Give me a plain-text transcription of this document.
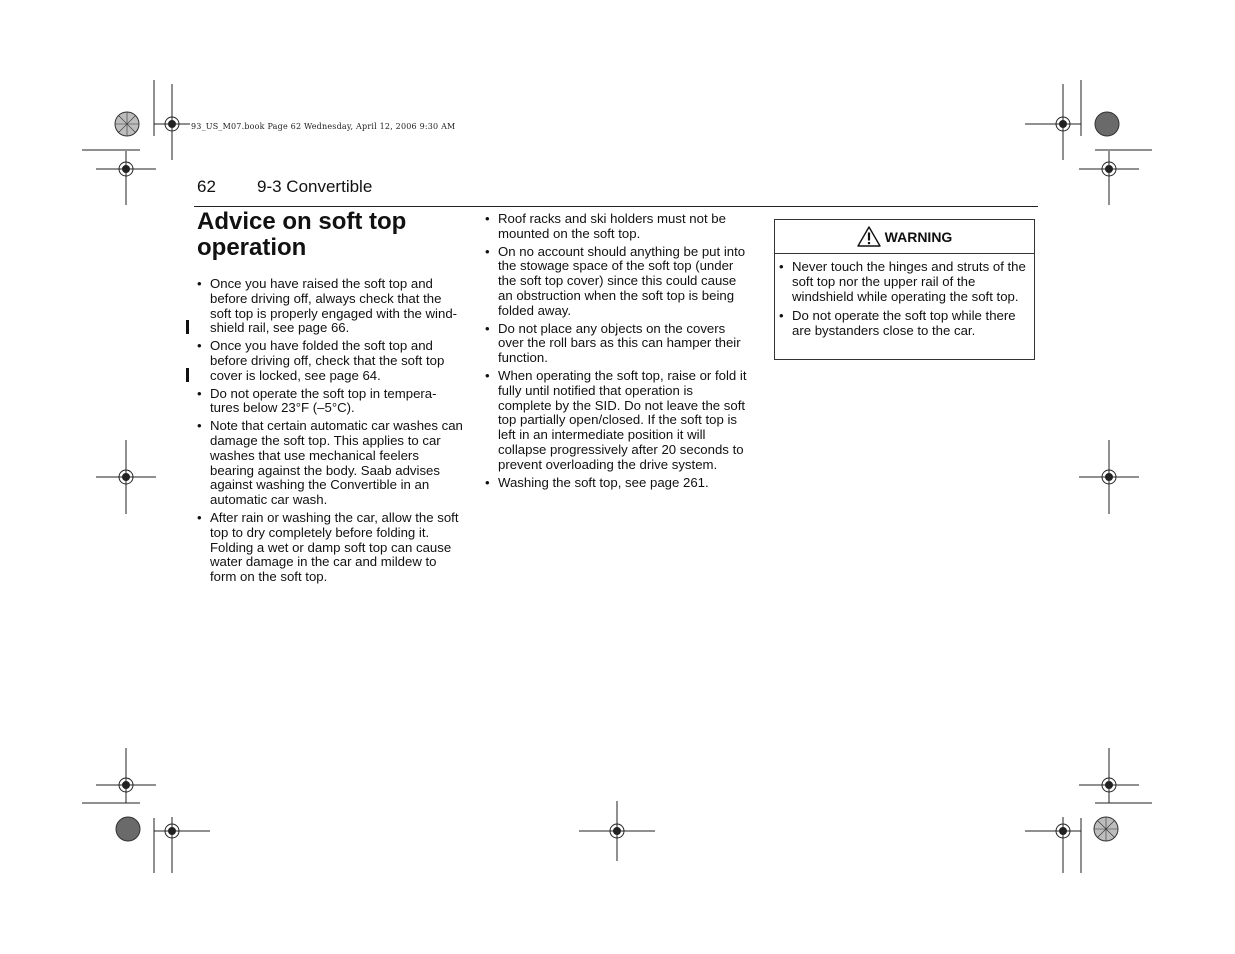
93_US_M07.book Page 62 Wednesday, April 12, 2006 9:30 AM
62 9-3 Convertible
Advice on soft top
operation
• Once you have raised the soft top and before driving off, always check that the soft top is properly engaged with the wind-shield rail, see page 66.
• Once you have folded the soft top and before driving off, check that the soft top cover is locked, see page 64.
• Do not operate the soft top in tempera-tures below 23°F (–5°C).
• Note that certain automatic car washes can damage the soft top. This applies to car washes that use mechanical feelers bearing against the body. Saab advises against washing the Convertible in an automatic car wash.
• After rain or washing the car, allow the soft top to dry completely before folding it. Folding a wet or damp soft top can cause water damage in the car and mildew to form on the soft top.
• Roof racks and ski holders must not be mounted on the soft top.
• On no account should anything be put into the stowage space of the soft top (under the soft top cover) since this could cause an obstruction when the soft top is being folded away.
• Do not place any objects on the covers over the roll bars as this can hamper their function.
• When operating the soft top, raise or fold it fully until notified that operation is complete by the SID. Do not leave the soft top partially open/closed. If the soft top is left in an intermediate position it will collapse progressively after 20 seconds to prevent overloading the drive system.
• Washing the soft top, see page 261.
WARNING
• Never touch the hinges and struts of the soft top nor the upper rail of the windshield while operating the soft top.
• Do not operate the soft top while there are bystanders close to the car.
